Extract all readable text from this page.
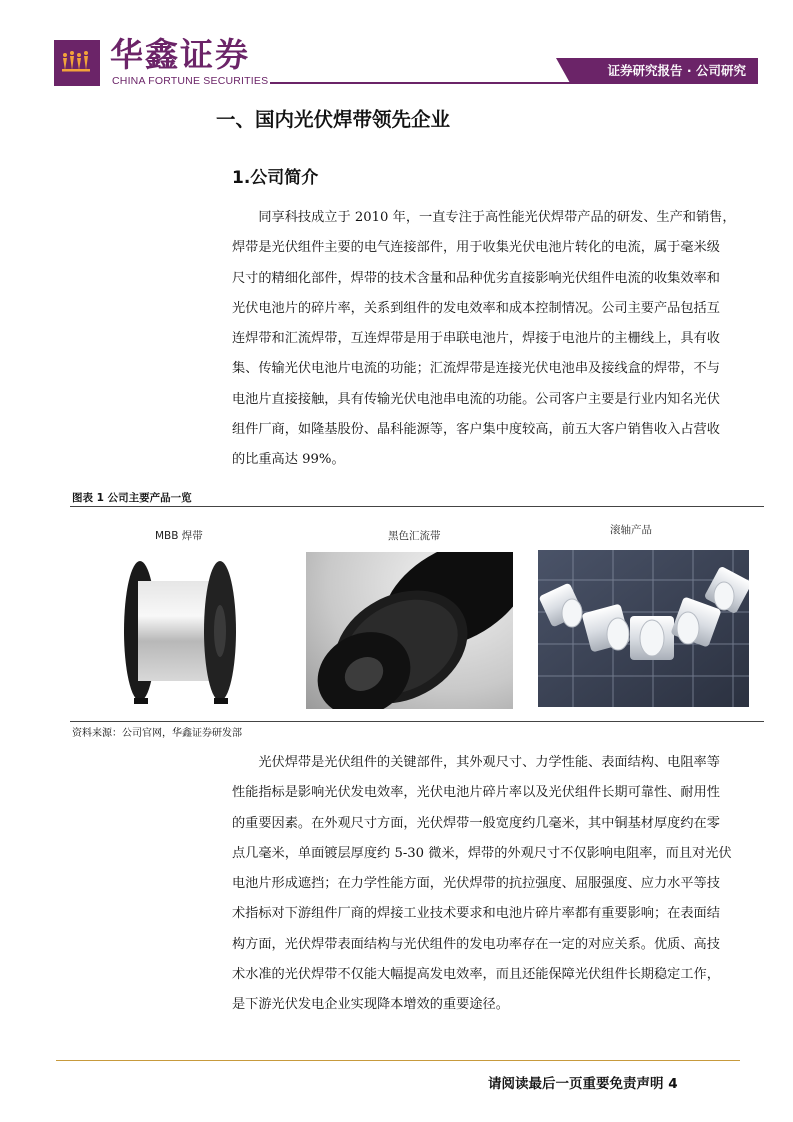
华鑫证券
CHINA FORTUNE SECURITIES
证券研究报告 · 公司研究
一、国内光伏焊带领先企业
1.公司简介
　　同享科技成立于 2010 年，一直专注于高性能光伏焊带产品的研发、生产和销售，
焊带是光伏组件主要的电气连接部件，用于收集光伏电池片转化的电流，属于毫米级
尺寸的精细化部件，焊带的技术含量和品种优劣直接影响光伏组件电流的收集效率和
光伏电池片的碎片率，关系到组件的发电效率和成本控制情况。公司主要产品包括互
连焊带和汇流焊带，互连焊带是用于串联电池片，焊接于电池片的主栅线上，具有收
集、传输光伏电池片电流的功能；汇流焊带是连接光伏电池串及接线盒的焊带，不与
电池片直接接触，具有传输光伏电池串电流的功能。公司客户主要是行业内知名光伏
组件厂商，如隆基股份、晶科能源等，客户集中度较高，前五大客户销售收入占营收
的比重高达 99%。
图表 1 公司主要产品一览
MBB 焊带	黑色汇流带	滚轴产品
资料来源：公司官网，华鑫证券研发部
　　光伏焊带是光伏组件的关键部件，其外观尺寸、力学性能、表面结构、电阻率等
性能指标是影响光伏发电效率，光伏电池片碎片率以及光伏组件长期可靠性、耐用性
的重要因素。在外观尺寸方面，光伏焊带一般宽度约几毫米，其中铜基材厚度约在零
点几毫米，单面镀层厚度约 5-30 微米，焊带的外观尺寸不仅影响电阻率，而且对光伏
电池片形成遮挡；在力学性能方面，光伏焊带的抗拉强度、屈服强度、应力水平等技
术指标对下游组件厂商的焊接工业技术要求和电池片碎片率都有重要影响；在表面结
构方面，光伏焊带表面结构与光伏组件的发电功率存在一定的对应关系。优质、高技
术水准的光伏焊带不仅能大幅提高发电效率，而且还能保障光伏组件长期稳定工作，
是下游光伏发电企业实现降本增效的重要途径。
请阅读最后一页重要免责声明 4
